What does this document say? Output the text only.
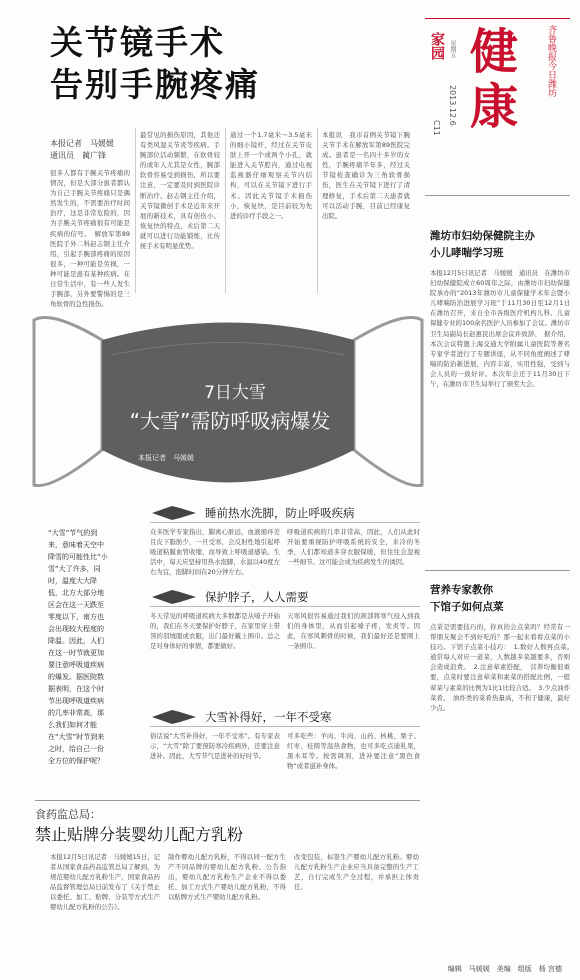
关节镜手术
告别手腕疼痛
本报记者　马媛媛
通讯员　蔺广锋
很多人都有手腕关节疼痛的情况，但是大部分患者都认为自己手腕关节疼痛只是偶然发生的，不需要治疗时间治疗，这是非常危险的，因为手腕关节疼痛很有可能是疾病的信号。　解放军第89医院手外二科赵志钢主任介绍，引起手腕部疼痛的原因很多，一种可能是劳损，一种可能是患有某种疾病。在日常生活中，有一些人发生手腕部，另外要警惕的是三角软骨的急性损伤。
最常见的损伤原因，其他还有类风湿关节炎等疾病。手腕部位活动频繁，在软骨较的或年人尤其是女性，腕部软骨容易受到损伤，所以要注意，一定要及时到医院诊断治疗。赵志钢主任介绍，关节镜微创手术是近年来开展的新技术，具有创伤小、恢复快的特点，术后第二天就可以进行功能锻炼，比传统手术有明显优势。
通过一个1.7毫米～3.5毫米的细小镜杆，经过在关节皮肤上开一个或两个小孔，就能进入关节腔内，通过电视监视器仔细观察关节内结构，可以在关节镜下进行手术。因此关节镜手术损伤小，恢复快，是目前较为先进的诊疗手段之一。
本报讯　我市首例关节镜下腕关节手术在解放军第89医院完成。患者是一名四十多岁的女性，手腕疼痛半年多，经过关节镜检查确诊为三角软骨损伤，医生在关节镜下进行了清理修复，手术后第二天患者就可以活动手腕，目前已经康复出院。
7日大雪
“大雪”需防呼吸病爆发
本报记者　马媛媛
“大雪”节气的到来，意味着天空中降雪的可能性比“小雪”大了许多，同时，温度大大降低，北方大部分地区会在这一天跌至零度以下，南方也会出现较大程度的降温。因此，人们在这一时节就更加要注意呼吸道疾病的爆发。据医院数据表明，在这个时节出现呼吸道疾病的几率非常高，那么我们如何才能在“大雪”时节到来之时，给自己一份全方位的保护呢？
睡前热水洗脚，防止呼吸疾病
众多医学专家指出，脚离心脏远，血液循环差且皮下脂肪少，一旦受寒，会反射性地引起呼吸道粘膜血管收缩，而导致上呼吸道感染。生活中，每天应坚持用热水泡脚，水温以40度左右为宜，泡脚时间在20分钟左右。
呼吸道疾病的几率非常高，因此，人们从此时开始要重视防护呼吸系统的安全，来冷的冬季，人们都知道多穿衣服保暖，但往往会忽视一些细节。这可能会成为疾病发生的诱因。
保护脖子，人人需要
冬天常见的呼吸道疾病大多数都是从嗓子开始的，我们在冬天要保护好脖子，在家里穿上带领的羽绒服或衣服，出门最好戴上围巾。总之是对身体好的事情，都要做好。
天寒风很容易通过我们的颈部将寒气侵入到我们的身体里，从而引起嗓子疼，发炎等。因此，在寒风刺骨的时候，我们最好还是要围上一条围巾。
大雪补得好，一年不受寒
俗话说“大雪补得好，一年不受寒”。有专家表示，“大雪”除了要预防寒冷疾病外，还要注意进补。因此，大雪节气是进补的好时节。
可多吃些：羊肉、牛肉、山药、核桃、栗子、红枣、桂圆等温热食物，也可多吃点通乳果，黑木耳等。按需调剂，进补要注意“黑色食物”或者滋补身体。
食药监总局：
禁止贴牌分装婴幼儿配方乳粉
本报12月5日讯记者　马媛媛15日，记者从国家食品药品监管总局了解到，为规范婴幼儿配方乳粉生产，国家食品药品监督管理总局日前发布了《关于禁止以委托、加工、贴牌、分装等方式生产婴幼儿配方乳粉的公告》。
制作婴幼儿配方乳粉，不得以同一配方生产不同品牌的婴幼儿配方乳粉。公告指出，婴幼儿配方乳粉生产企业不得以委托、加工方式生产婴幼儿配方乳粉，不得以贴牌方式生产婴幼儿配方乳粉。
改变包装，标签生产婴幼儿配方乳粉。婴幼儿配方乳粉生产企业应当具备完整的生产工艺，自行完成生产全过程，并承担主体责任。
家园 星期五 健康
齐鲁晚报今日潍坊
2013.12.6
C11
潍坊市妇幼保健院主办
小儿哮喘学习班
本报12月5日讯记者　马媛媛　通讯员　在潍坊市妇幼保健院成立60周年之际，由潍坊市妇幼保健院承办的“2013年潍坊市儿童保健学术年会暨小儿哮喘防治进展学习班”于11月30日至12月1日在潍坊召开，来自全市各级医疗机构儿科、儿童保健专业的100余名医护人员参加了会议。潍坊市卫生局副局长赵惠民出席会议并致辞。　据介绍，本次会议特邀上海交通大学附属儿童医院等著名专家学者进行了专题讲座，从不同角度阐述了哮喘的防治新进展，内容丰富，实用性强，受到与会人员的一致好评。本次年会还于11月30日下午，在潍坊市卫生局举行了颁奖大会。
营养专家教你
下馆子如何点菜
点菜是需要技巧的，你真的会点菜吗？经常有一帮朋友聚会不到好吃的？那一起来看看点菜的小技巧。下馆子点菜小技巧：　1.数好人数再点菜。　通常每人对应一道菜，人数越多菜越要多，否则会造成浪费。　2.注意荤素搭配，　营养均衡很重要，点菜时要注意荤菜和素菜的搭配比例，一般荤菜与素菜的比例为1比1比较合适。　3.少点油炸菜肴。　油炸类的菜肴热量高，不利于健康，最好少点。
编辑　马媛媛　美编　组版　杨 宫德
